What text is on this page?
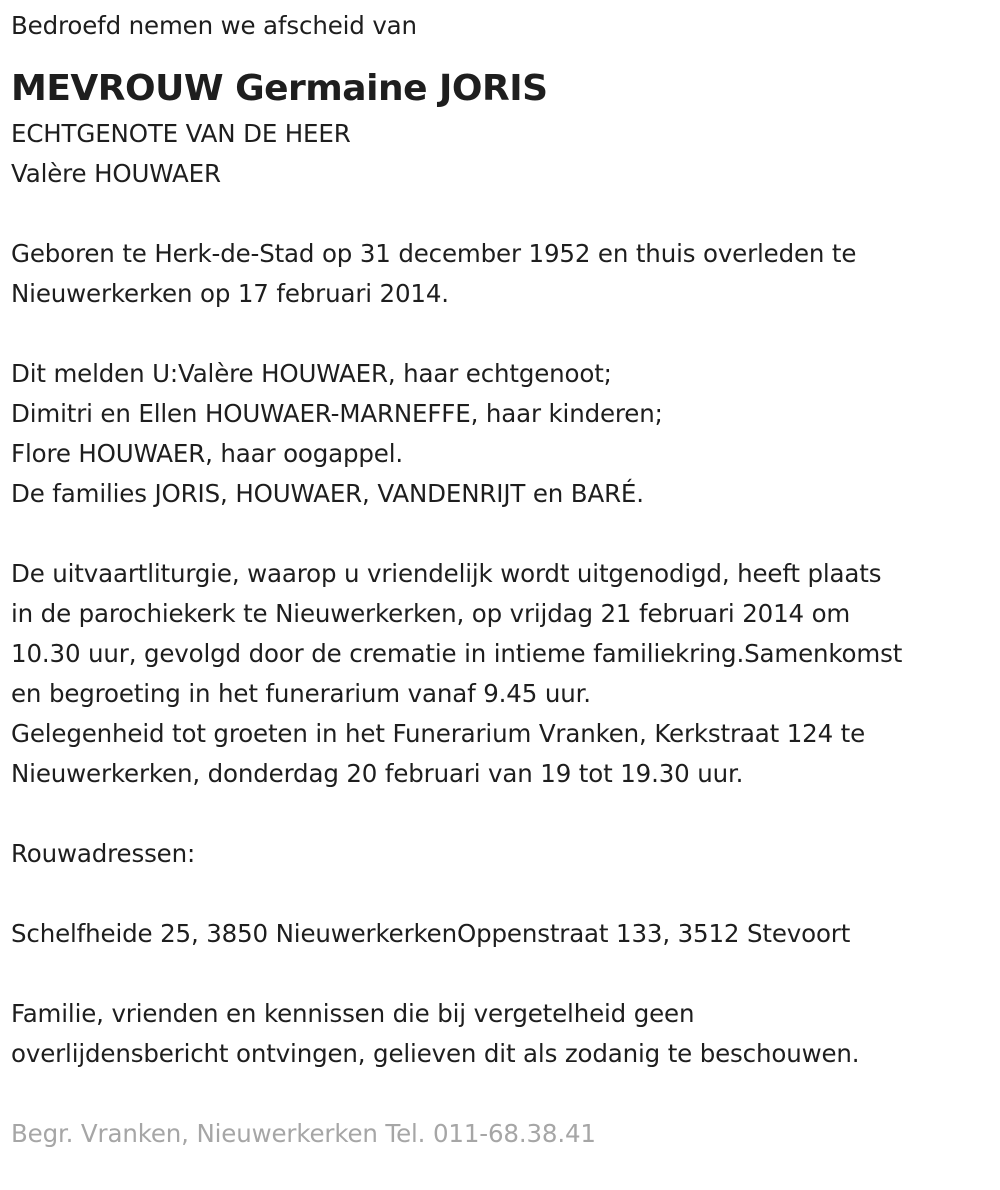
Bedroefd nemen we afscheid van
MEVROUW Germaine JORIS
ECHTGENOTE VAN DE HEER
Valère HOUWAER
Geboren te Herk-de-Stad op 31 december 1952 en thuis overleden te
Nieuwerkerken op 17 februari 2014.
Dit melden U:Valère HOUWAER, haar echtgenoot;
Dimitri en Ellen HOUWAER-MARNEFFE, haar kinderen;
Flore HOUWAER, haar oogappel.
De families JORIS, HOUWAER, VANDENRIJT en BARÉ.
De uitvaartliturgie, waarop u vriendelijk wordt uitgenodigd, heeft plaats
in de parochiekerk te Nieuwerkerken, op vrijdag 21 februari 2014 om
10.30 uur, gevolgd door de crematie in intieme familiekring.Samenkomst
en begroeting in het funerarium vanaf 9.45 uur.
Gelegenheid tot groeten in het Funerarium Vranken, Kerkstraat 124 te
Nieuwerkerken, donderdag 20 februari van 19 tot 19.30 uur.
Rouwadressen:
Schelfheide 25, 3850 NieuwerkerkenOppenstraat 133, 3512 Stevoort
Familie, vrienden en kennissen die bij vergetelheid geen
overlijdensbericht ontvingen, gelieven dit als zodanig te beschouwen.
Begr. Vranken, Nieuwerkerken Tel. 011-68.38.41
